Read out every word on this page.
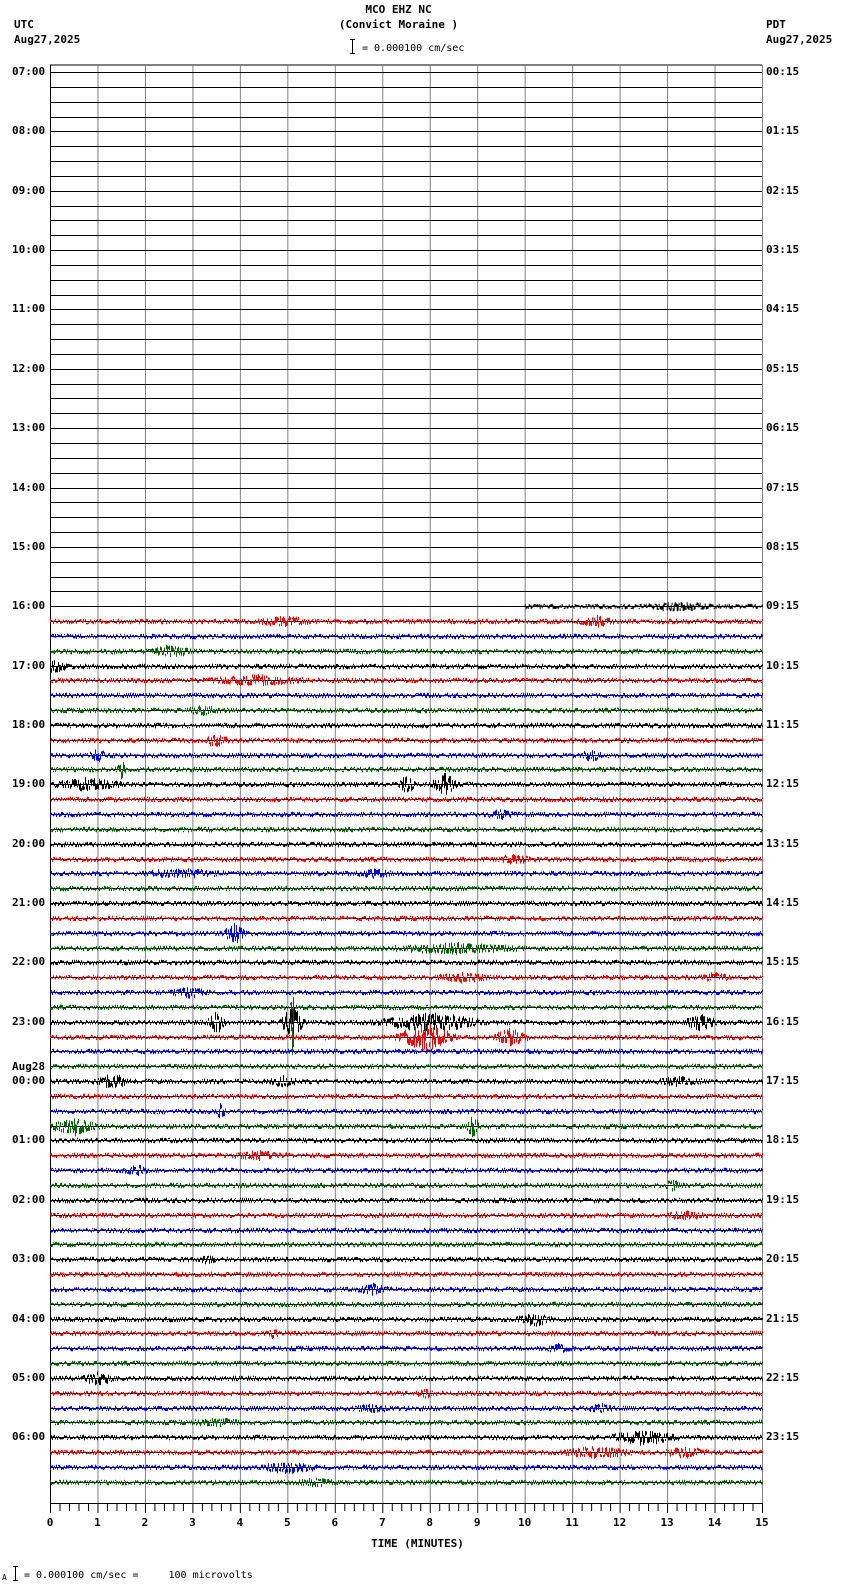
MCO EHZ NC
(Convict Moraine )
UTC
Aug27,2025
PDT
Aug27,2025
= 0.000100 cm/sec
0	1	2	3	4	5	6	7	8	9	10	11	12	13	14	15
07:00
08:00
09:00
10:00
11:00
12:00
13:00
14:00
15:00
16:00
17:00
18:00
19:00
20:00
21:00
22:00
23:00
00:00
Aug28
01:00
02:00
03:00
04:00
05:00
06:00
00:15
01:15
02:15
03:15
04:15
05:15
06:15
07:15
08:15
09:15
10:15
11:15
12:15
13:15
14:15
15:15
16:15
17:15
18:15
19:15
20:15
21:15
22:15
23:15
TIME (MINUTES)
A = 0.000100 cm/sec =     100 microvolts
